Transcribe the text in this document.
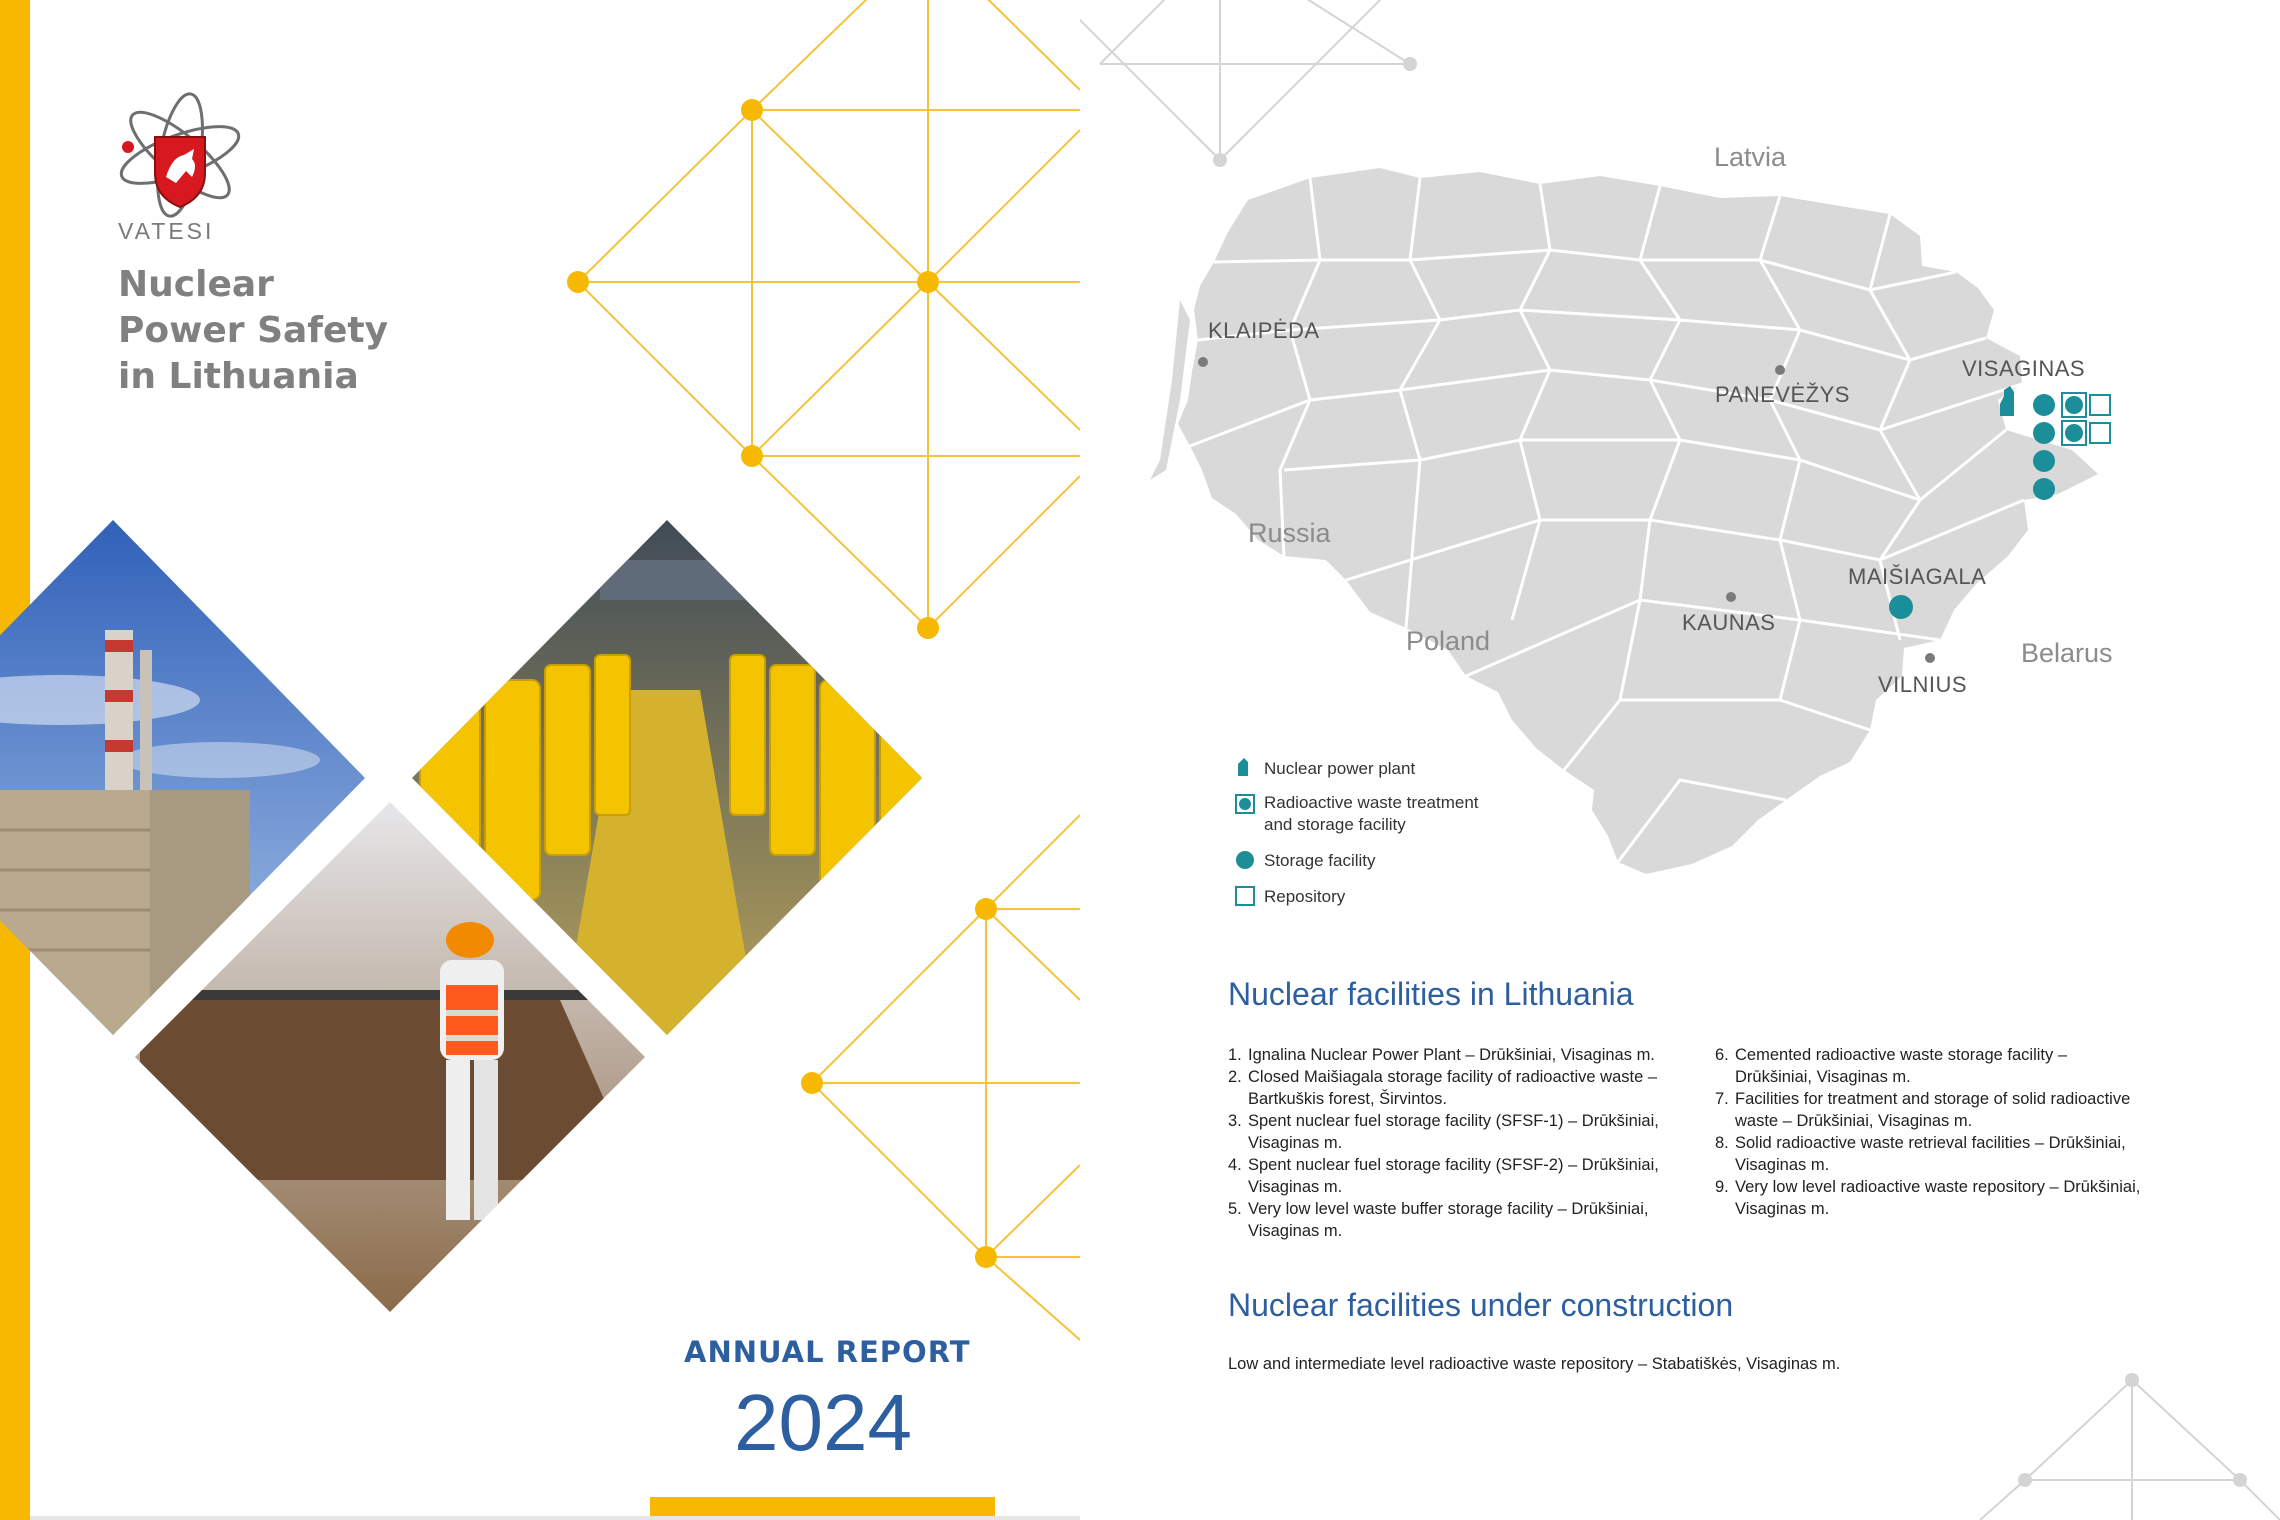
VATESI
Nuclear
Power Safety
in Lithuania
ANNUAL REPORT
2024
Latvia
Russia
Poland	Belarus
KLAIPĖDA
PANEVĖŽYS
VISAGINAS
MAIŠIAGALA
KAUNAS
VILNIUS
Nuclear power plant
Radioactive waste treatment
and storage facility
Storage facility
Repository
Nuclear facilities in Lithuania
1. Ignalina Nuclear Power Plant – Drūkšiniai, Visaginas m.
2. Closed Maišiagala storage facility of radioactive waste – Bartkuškis forest, Širvintos.
3. Spent nuclear fuel storage facility (SFSF-1) – Drūkšiniai, Visaginas m.
4. Spent nuclear fuel storage facility (SFSF-2) – Drūkšiniai, Visaginas m.
5. Very low level waste buffer storage facility – Drūkšiniai, Visaginas m.
6. Cemented radioactive waste storage facility – Drūkšiniai, Visaginas m.
7. Facilities for treatment and storage of solid radioactive waste – Drūkšiniai, Visaginas m.
8. Solid radioactive waste retrieval facilities – Drūkšiniai, Visaginas m.
9. Very low level radioactive waste repository – Drūkšiniai, Visaginas m.
Nuclear facilities under construction
Low and intermediate level radioactive waste repository – Stabatiškės, Visaginas m.
